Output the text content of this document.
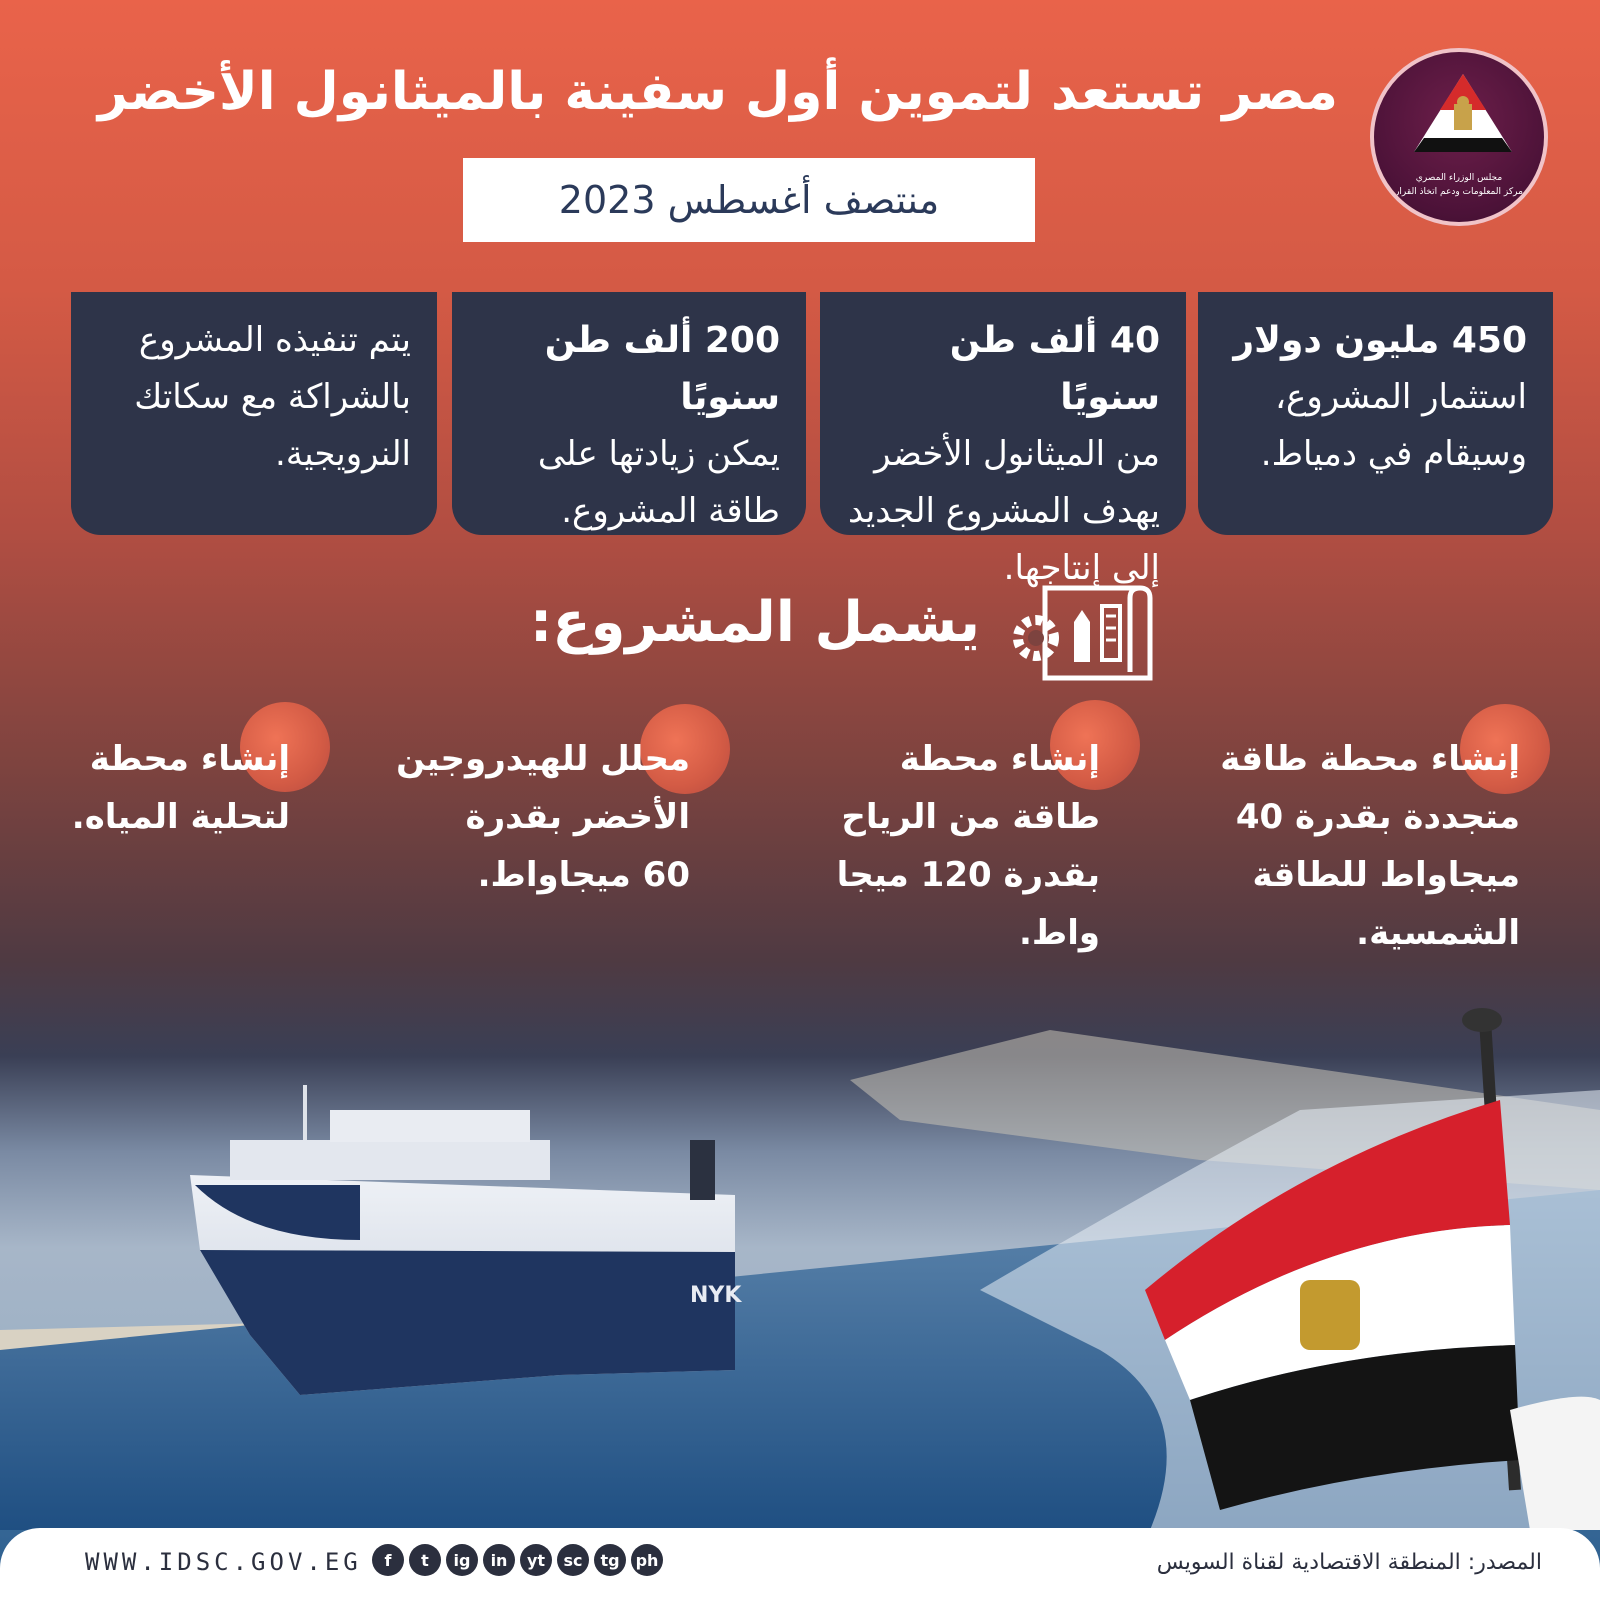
مجلس الوزراء المصري
مركز المعلومات ودعم اتخاذ القرار
مصر تستعد لتموين أول سفينة بالميثانول الأخضر
منتصف أغسطس 2023
450 مليون دولار
استثمار المشروع،
وسيقام في دمياط.
40 ألف طن سنويًا
من الميثانول الأخضر
يهدف المشروع الجديد
إلى إنتاجها.
200 ألف طن سنويًا
يمكن زيادتها على
طاقة المشروع.
يتم تنفيذه المشروع
بالشراكة مع سكاتك
النرويجية.
يشمل المشروع:
إنشاء محطة طاقة
متجددة بقدرة 40
ميجاواط للطاقة
الشمسية.
إنشاء محطة
طاقة من الرياح
بقدرة 120 ميجا
واط.
محلل للهيدروجين
الأخضر بقدرة
60 ميجاواط.
إنشاء محطة
لتحلية المياه.
NYK
WWW.IDSC.GOV.EG	f	t	ig	in	yt	sc	tg	ph	المصدر: المنطقة الاقتصادية لقناة السويس
